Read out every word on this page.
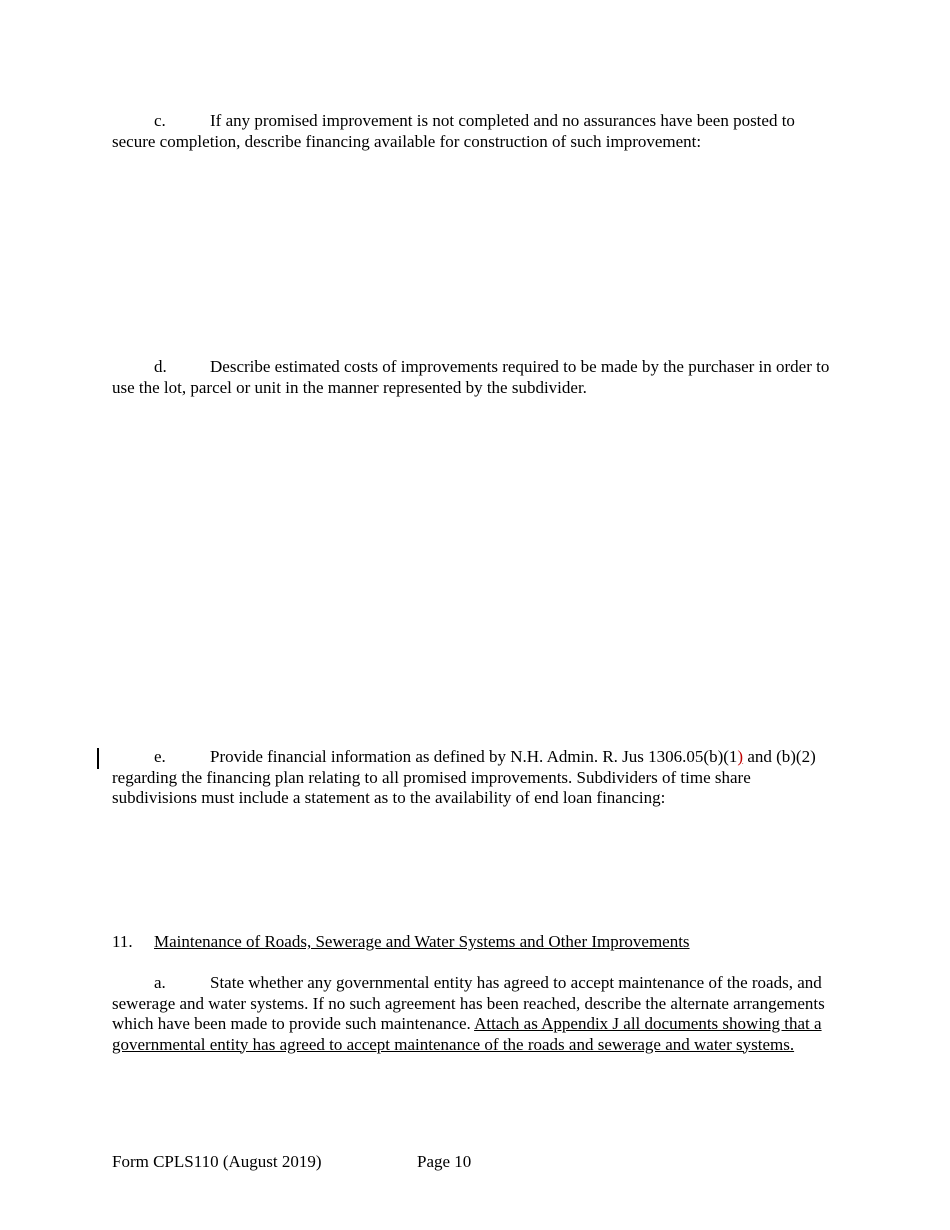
c.	If any promised improvement is not completed and no assurances have been posted to secure completion, describe financing available for construction of such improvement:

d.	Describe estimated costs of improvements required to be made by the purchaser in order to use the lot, parcel or unit in the manner represented by the subdivider.

e.	Provide financial information as defined by N.H. Admin. R. Jus 1306.05(b)(1) and (b)(2) regarding the financing plan relating to all promised improvements. Subdividers of time share subdivisions must include a statement as to the availability of end loan financing:

11. Maintenance of Roads, Sewerage and Water Systems and Other Improvements

a.	State whether any governmental entity has agreed to accept maintenance of the roads, and sewerage and water systems. If no such agreement has been reached, describe the alternate arrangements which have been made to provide such maintenance. Attach as Appendix J all documents showing that a governmental entity has agreed to accept maintenance of the roads and sewerage and water systems.

Form CPLS110 (August 2019)	Page 10
